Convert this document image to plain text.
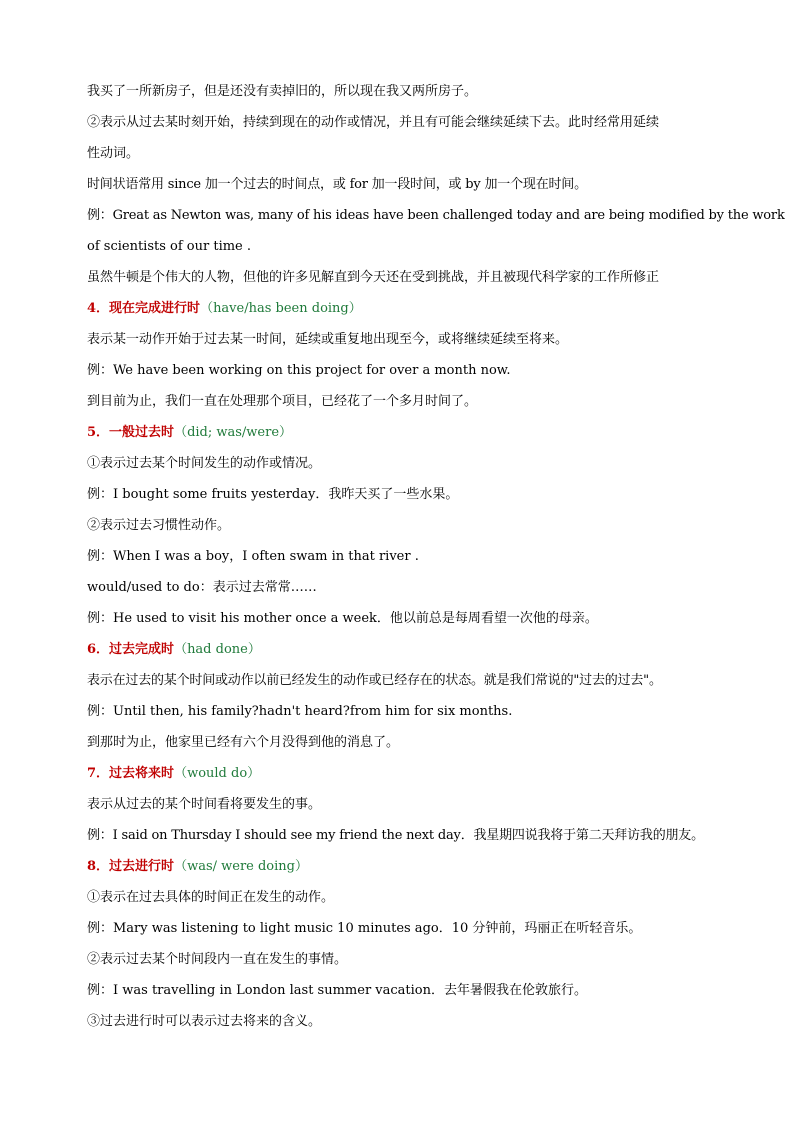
我买了一所新房子，但是还没有卖掉旧的，所以现在我又两所房子。
②表示从过去某时刻开始，持续到现在的动作或情况，并且有可能会继续延续下去。此时经常用延续
性动词。
时间状语常用 since 加一个过去的时间点，或 for 加一段时间，或 by 加一个现在时间。
例：Great as Newton was, many of his ideas have been challenged today and are being modified by the work
of scientists of our time .
虽然牛顿是个伟大的人物，但他的许多见解直到今天还在受到挑战，并且被现代科学家的工作所修正
4．现在完成进行时（have/has been doing）
表示某一动作开始于过去某一时间，延续或重复地出现至今，或将继续延续至将来。
例：We have been working on this project for over a month now.
到目前为止，我们一直在处理那个项目，已经花了一个多月时间了。
5．一般过去时（did; was/were）
①表示过去某个时间发生的动作或情况。
例：I bought some fruits yesterday．我昨天买了一些水果。
②表示过去习惯性动作。
例：When I was a boy，I often swam in that river .
would/used to do：表示过去常常……
例：He used to visit his mother once a week．他以前总是每周看望一次他的母亲。
6．过去完成时（had done）
表示在过去的某个时间或动作以前已经发生的动作或已经存在的状态。就是我们常说的"过去的过去"。
例：Until then, his family?hadn't heard?from him for six months.
到那时为止，他家里已经有六个月没得到他的消息了。
7．过去将来时（would do）
表示从过去的某个时间看将要发生的事。
例：I said on Thursday I should see my friend the next day．我星期四说我将于第二天拜访我的朋友。
8．过去进行时（was/ were doing）
①表示在过去具体的时间正在发生的动作。
例：Mary was listening to light music 10 minutes ago．10 分钟前，玛丽正在听轻音乐。
②表示过去某个时间段内一直在发生的事情。
例：I was travelling in London last summer vacation．去年暑假我在伦敦旅行。
③过去进行时可以表示过去将来的含义。
